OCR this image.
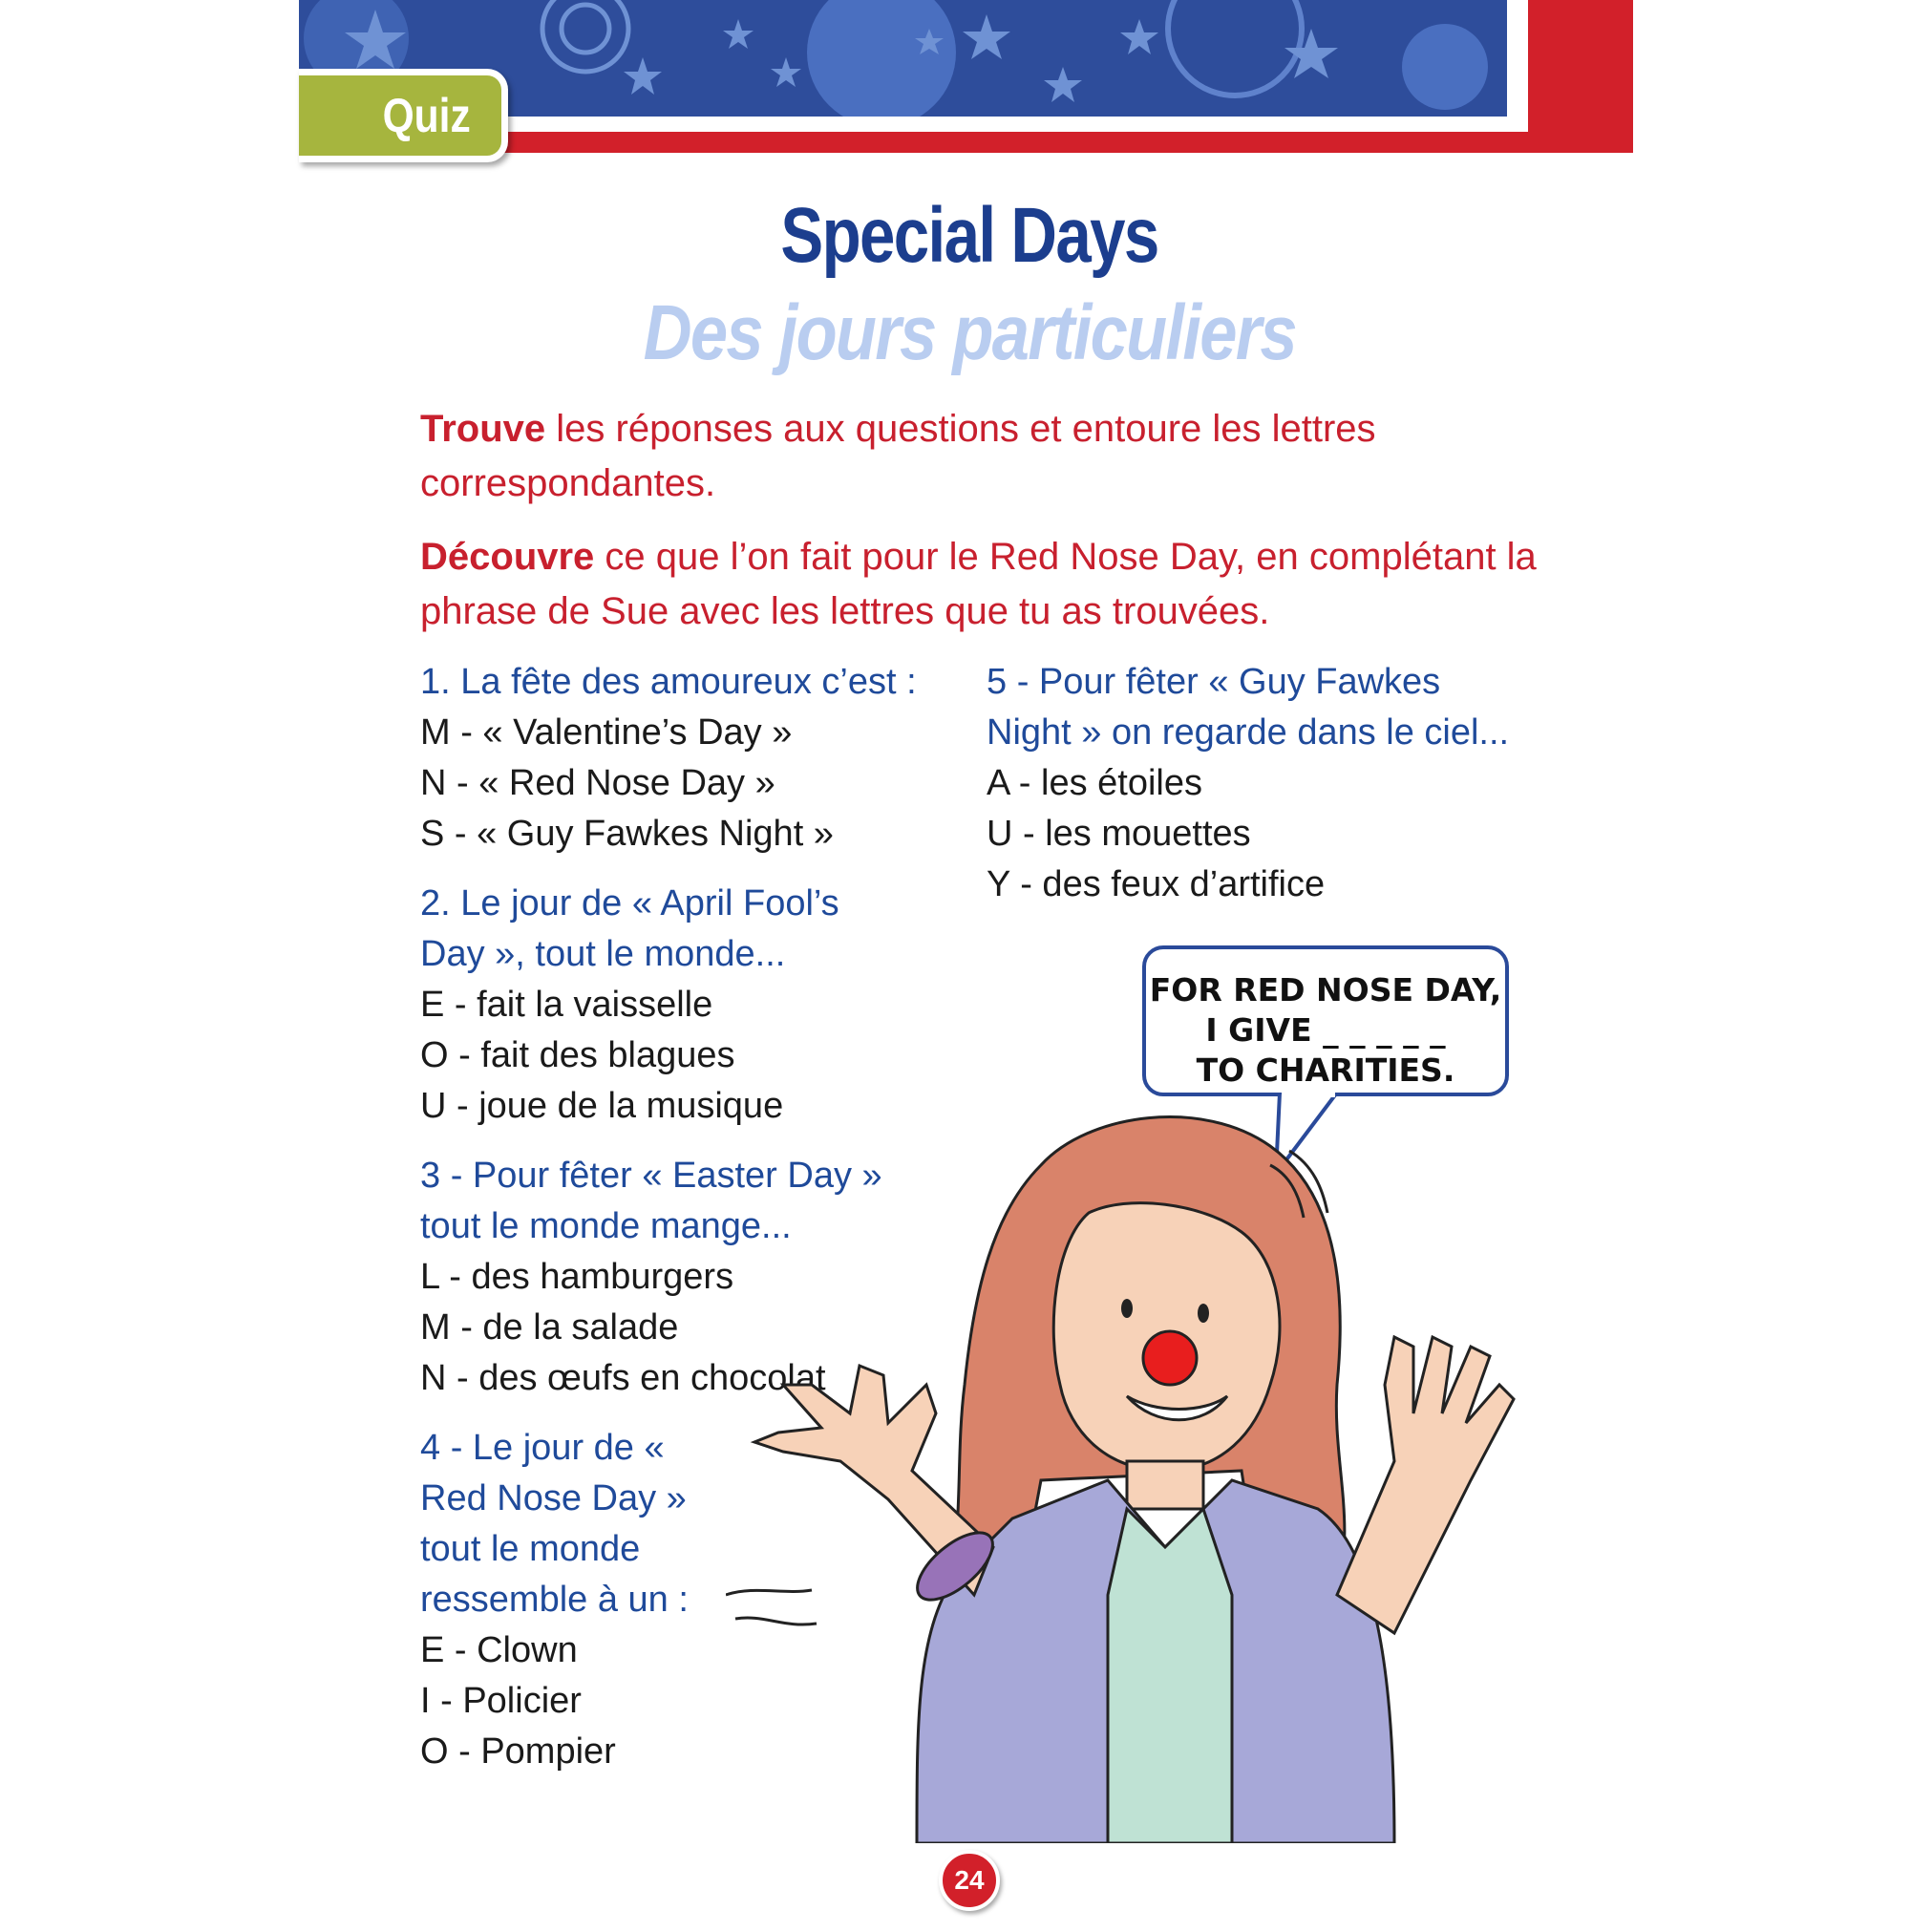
Quiz
Special Days
Des jours particuliers
Trouve les réponses aux questions et entoure les lettres correspondantes.
Découvre ce que l’on fait pour le Red Nose Day, en complétant la phrase de Sue avec les lettres que tu as trouvées.
1. La fête des amoureux c’est :
M - « Valentine’s Day »
N - « Red Nose Day »
S - « Guy Fawkes Night »
2. Le jour de « April Fool’s Day », tout le monde...
E - fait la vaisselle
O - fait des blagues
U - joue de la musique
3 - Pour fêter « Easter Day » tout le monde mange...
L - des hamburgers
M - de la salade
N - des œufs en chocolat
4 - Le jour de « Red Nose Day » tout le monde ressemble à un :
E - Clown
I - Policier
O - Pompier
5 - Pour fêter « Guy Fawkes Night » on regarde dans le ciel...
A - les étoiles
U - les mouettes
Y - des feux d’artifice
FOR RED NOSE DAY,
I GIVE _ _ _ _ _
TO CHARITIES.
24
